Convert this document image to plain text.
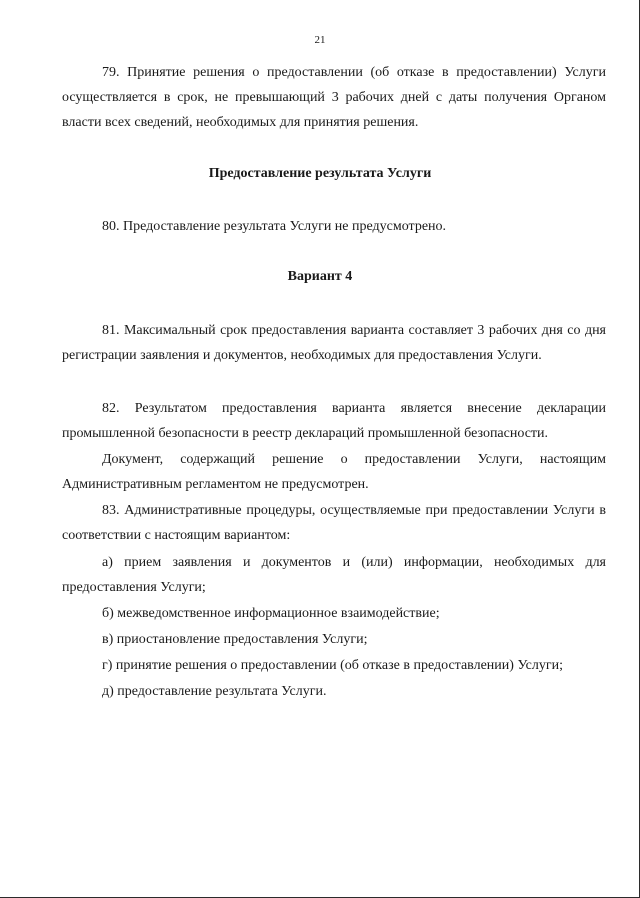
21

79. Принятие решения о предоставлении (об отказе в предоставлении) Услуги осуществляется в срок, не превышающий 3 рабочих дней с даты получения Органом власти всех сведений, необходимых для принятия решения.

Предоставление результата Услуги

80. Предоставление результата Услуги не предусмотрено.

Вариант 4

81. Максимальный срок предоставления варианта составляет 3 рабочих дня со дня регистрации заявления и документов, необходимых для предоставления Услуги.

82. Результатом предоставления варианта является внесение декларации промышленной безопасности в реестр деклараций промышленной безопасности.

Документ, содержащий решение о предоставлении Услуги, настоящим Административным регламентом не предусмотрен.

83. Административные процедуры, осуществляемые при предоставлении Услуги в соответствии с настоящим вариантом:

а) прием заявления и документов и (или) информации, необходимых для предоставления Услуги;

б) межведомственное информационное взаимодействие;

в) приостановление предоставления Услуги;

г) принятие решения о предоставлении (об отказе в предоставлении) Услуги;

д) предоставление результата Услуги.
